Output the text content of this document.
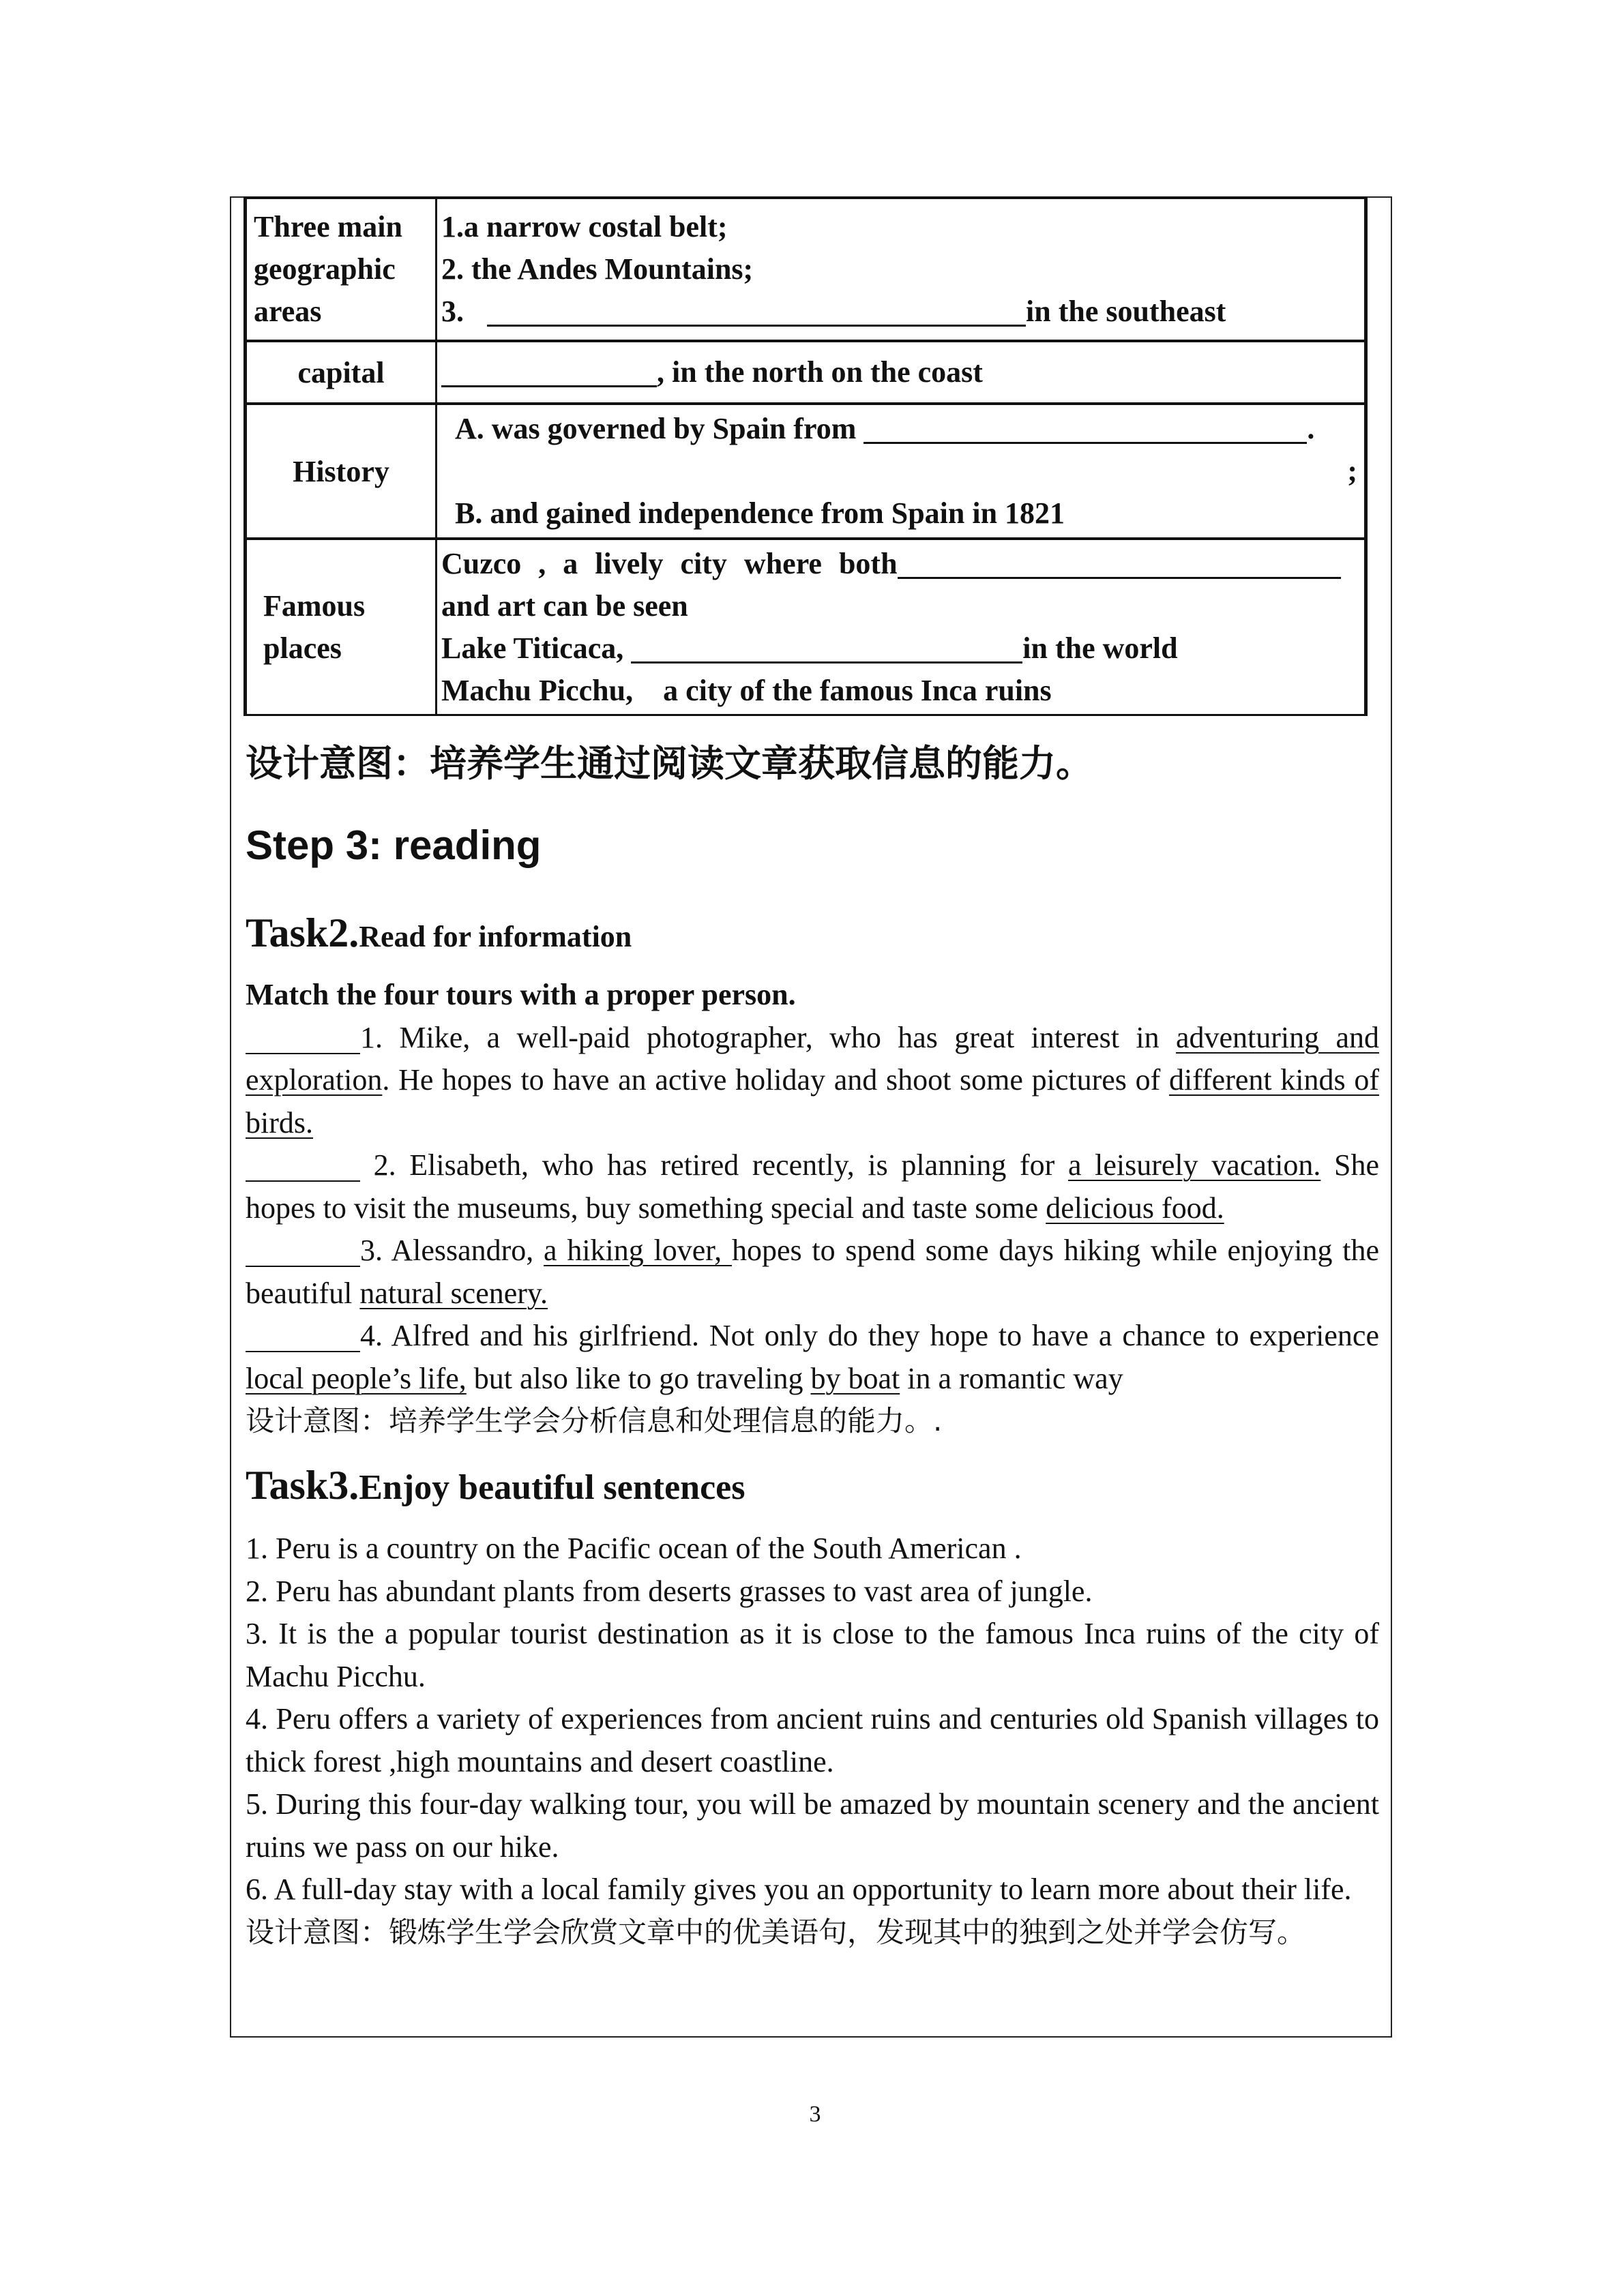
Three main geographic areas	1.a narrow costal belt;
2. the Andes Mountains;
3. in the southeast

capital	, in the north on the coast

History	A. was governed by Spain from .
;
B. and gained independence from Spain in 1821

Famous places	Cuzco , a lively city where both
and art can be seen
Lake Titicaca, in the world
Machu Picchu,    a city of the famous Inca ruins
设计意图：培养学生通过阅读文章获取信息的能力。
Step 3: reading
Task2.Read for information

Match the four tours with a proper person.

1. Mike, a well-paid photographer, who has great interest in adventuring and exploration. He hopes to have an active holiday and shoot some pictures of different kinds of birds.

2. Elisabeth, who has retired recently, is planning for a leisurely vacation. She hopes to visit the museums, buy something special and taste some delicious food.

3. Alessandro, a hiking lover, hopes to spend some days hiking while enjoying the beautiful natural scenery.

4. Alfred and his girlfriend. Not only do they hope to have a chance to experience local people’s life, but also like to go traveling by boat in a romantic way

设计意图：培养学生学会分析信息和处理信息的能力。.

Task3.Enjoy beautiful sentences

1. Peru is a country on the Pacific ocean of the South American .

2. Peru has abundant plants from deserts grasses to vast area of jungle.

3. It is the a popular tourist destination as it is close to the famous Inca ruins of the city of Machu Picchu.

4. Peru offers a variety of experiences from ancient ruins and centuries old Spanish villages to thick forest ,high mountains and desert coastline.

5. During this four-day walking tour, you will be amazed by mountain scenery and the ancient ruins we pass on our hike.

6. A full-day stay with a local family gives you an opportunity to learn more about their life.

设计意图：锻炼学生学会欣赏文章中的优美语句，发现其中的独到之处并学会仿写。

3
